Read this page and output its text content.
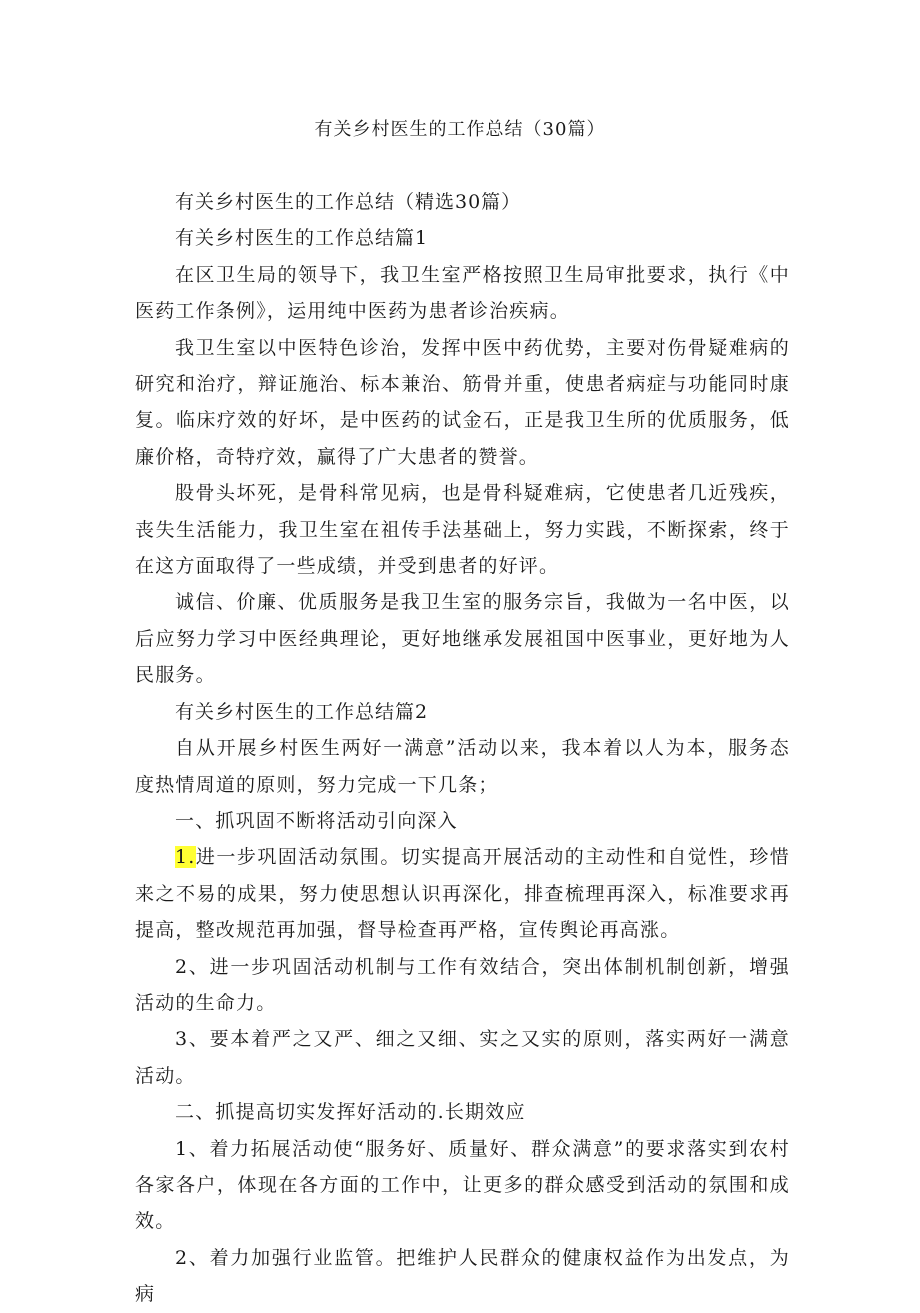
有关乡村医生的工作总结（30篇）

有关乡村医生的工作总结（精选30篇）

有关乡村医生的工作总结篇1

在区卫生局的领导下，我卫生室严格按照卫生局审批要求，执行《中医药工作条例》，运用纯中医药为患者诊治疾病。

我卫生室以中医特色诊治，发挥中医中药优势，主要对伤骨疑难病的研究和治疗，辩证施治、标本兼治、筋骨并重，使患者病症与功能同时康复。临床疗效的好坏，是中医药的试金石，正是我卫生所的优质服务，低廉价格，奇特疗效，赢得了广大患者的赞誉。

股骨头坏死，是骨科常见病，也是骨科疑难病，它使患者几近残疾，丧失生活能力，我卫生室在祖传手法基础上，努力实践，不断探索，终于在这方面取得了一些成绩，并受到患者的好评。

诚信、价廉、优质服务是我卫生室的服务宗旨，我做为一名中医，以后应努力学习中医经典理论，更好地继承发展祖国中医事业，更好地为人民服务。

有关乡村医生的工作总结篇2

自从开展乡村医生两好一满意”活动以来，我本着以人为本，服务态度热情周道的原则，努力完成一下几条；

一、抓巩固不断将活动引向深入

1.进一步巩固活动氛围。切实提高开展活动的主动性和自觉性，珍惜来之不易的成果，努力使思想认识再深化，排查梳理再深入，标准要求再提高，整改规范再加强，督导检查再严格，宣传舆论再高涨。

2、进一步巩固活动机制与工作有效结合，突出体制机制创新，增强活动的生命力。

3、要本着严之又严、细之又细、实之又实的原则，落实两好一满意活动。

二、抓提高切实发挥好活动的.长期效应

1、着力拓展活动使“服务好、质量好、群众满意”的要求落实到农村各家各户，体现在各方面的工作中，让更多的群众感受到活动的氛围和成效。

2、着力加强行业监管。把维护人民群众的健康权益作为出发点，为病
